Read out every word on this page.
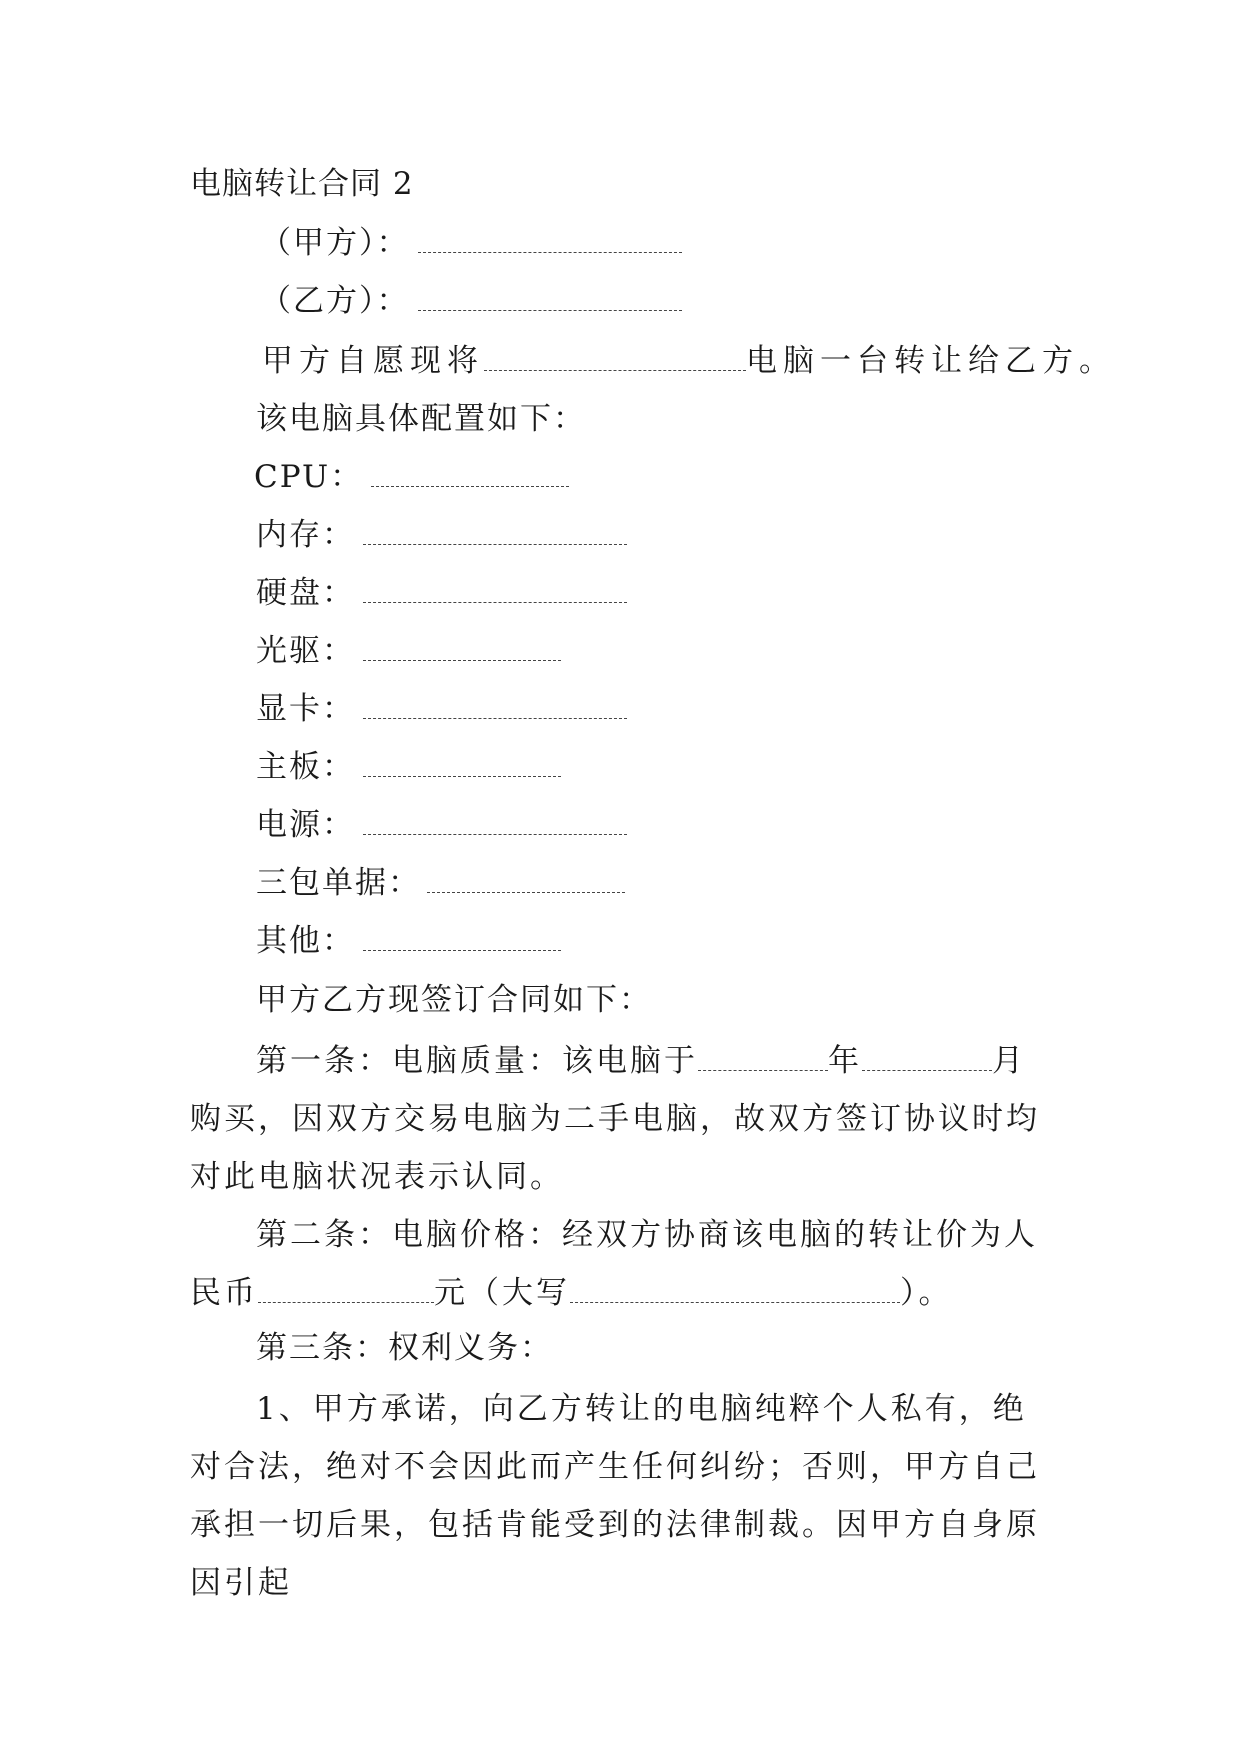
电脑转让合同 2
（甲方）：
（乙方）：
甲方自愿现将	电脑一台转让给乙方。
该电脑具体配置如下：
CPU：
内存：
硬盘：
光驱：
显卡：
主板：
电源：
三包单据：
其他：
甲方乙方现签订合同如下：
第一条：电脑质量：该电脑于	年	月购买，因双方交易电脑为二手电脑，故双方签订协议时均对此电脑状况表示认同。
第二条：电脑价格：经双方协商该电脑的转让价为人民币	元（大写	）。
第三条：权利义务：
1、甲方承诺，向乙方转让的电脑纯粹个人私有，绝对合法，绝对不会因此而产生任何纠纷；否则，甲方自己承担一切后果，包括肯能受到的法律制裁。因甲方自身原因引起
